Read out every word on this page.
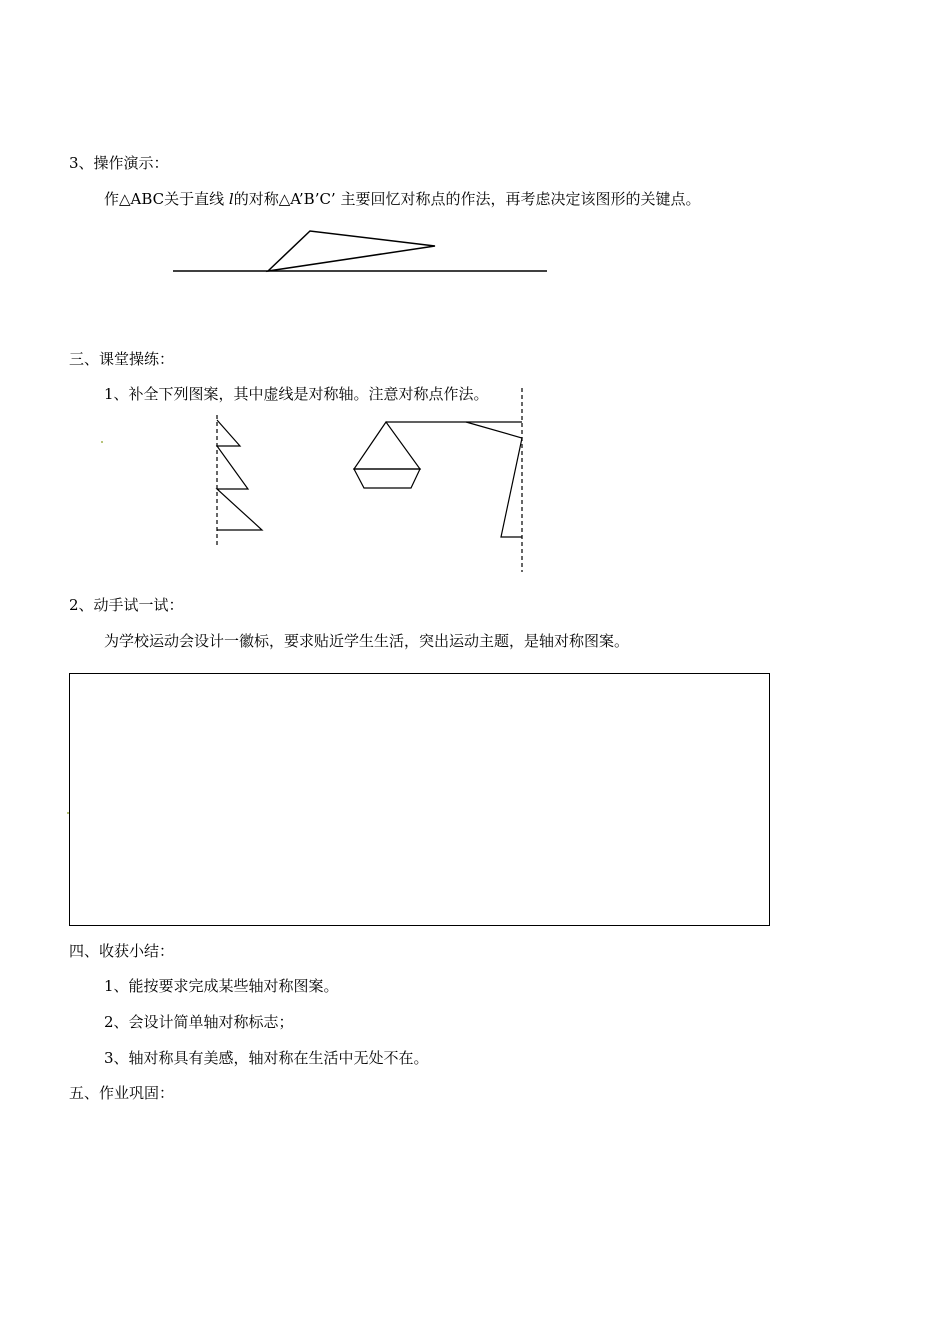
3、操作演示：
作△ABC关于直线 l的对称△A’B’C’ 主要回忆对称点的作法，再考虑决定该图形的关键点。
三、课堂操练：
1、补全下列图案，其中虚线是对称轴。注意对称点作法。
2、动手试一试：
为学校运动会设计一徽标，要求贴近学生生活，突出运动主题，是轴对称图案。
四、收获小结：
1、能按要求完成某些轴对称图案。
2、会设计简单轴对称标志；
3、轴对称具有美感，轴对称在生活中无处不在。
五、作业巩固：
